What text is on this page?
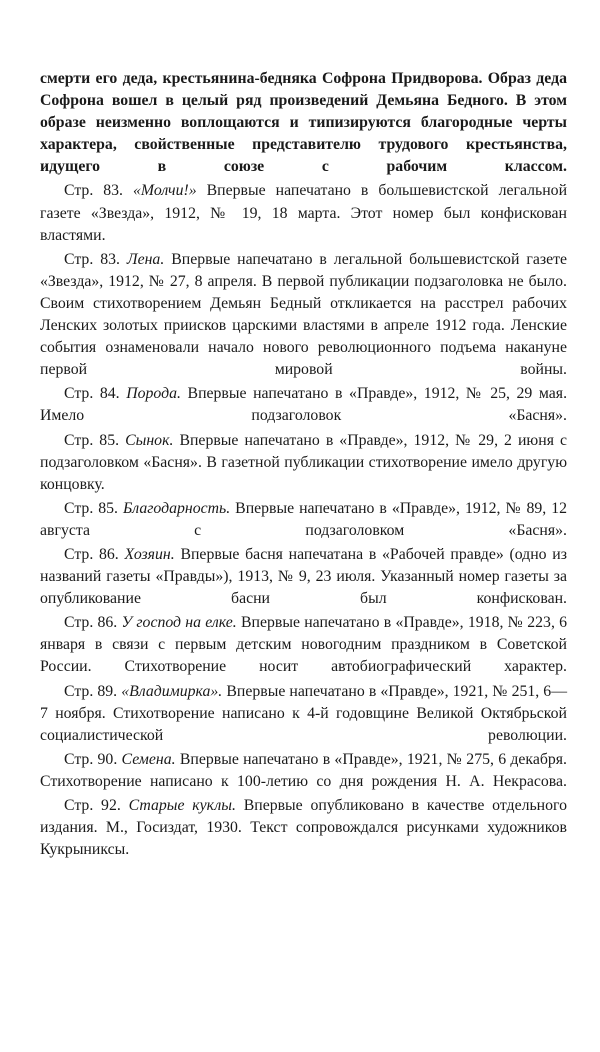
смерти его деда, крестьянина-бедняка Софрона Придворова. Образ деда Софрона вошел в целый ряд произведений Демьяна Бедного. В этом образе неизменно воплощаются и типизируются благородные черты характера, свойственные представителю трудового крестьянства, идущего в союзе с рабочим классом.

Стр. 83. «Молчи!» Впервые напечатано в большевистской легальной газете «Звезда», 1912, № 19, 18 марта. Этот номер был конфискован властями.

Стр. 83. Лена. Впервые напечатано в легальной большевистской газете «Звезда», 1912, № 27, 8 апреля. В первой публикации подзаголовка не было. Своим стихотворением Демьян Бедный откликается на расстрел рабочих Ленских золотых приисков царскими властями в апреле 1912 года. Ленские события ознаменовали начало нового революционного подъема накануне первой мировой войны.

Стр. 84. Порода. Впервые напечатано в «Правде», 1912, № 25, 29 мая. Имело подзаголовок «Басня».

Стр. 85. Сынок. Впервые напечатано в «Правде», 1912, № 29, 2 июня с подзаголовком «Басня». В газетной публикации стихотворение имело другую концовку.

Стр. 85. Благодарность. Впервые напечатано в «Правде», 1912, № 89, 12 августа с подзаголовком «Басня».

Стр. 86. Хозяин. Впервые басня напечатана в «Рабочей правде» (одно из названий газеты «Правды»), 1913, № 9, 23 июля. Указанный номер газеты за опубликование басни был конфискован.

Стр. 86. У господ на елке. Впервые напечатано в «Правде», 1918, № 223, 6 января в связи с первым детским новогодним праздником в Советской России. Стихотворение носит автобиографический характер.

Стр. 89. «Владимирка». Впервые напечатано в «Правде», 1921, № 251, 6—7 ноября. Стихотворение написано к 4-й годовщине Великой Октябрьской социалистической революции.

Стр. 90. Семена. Впервые напечатано в «Правде», 1921, № 275, 6 декабря. Стихотворение написано к 100-летию со дня рождения Н. А. Некрасова.

Стр. 92. Старые куклы. Впервые опубликовано в качестве отдельного издания. М., Госиздат, 1930. Текст сопровождался рисунками художников Кукрыниксы.
